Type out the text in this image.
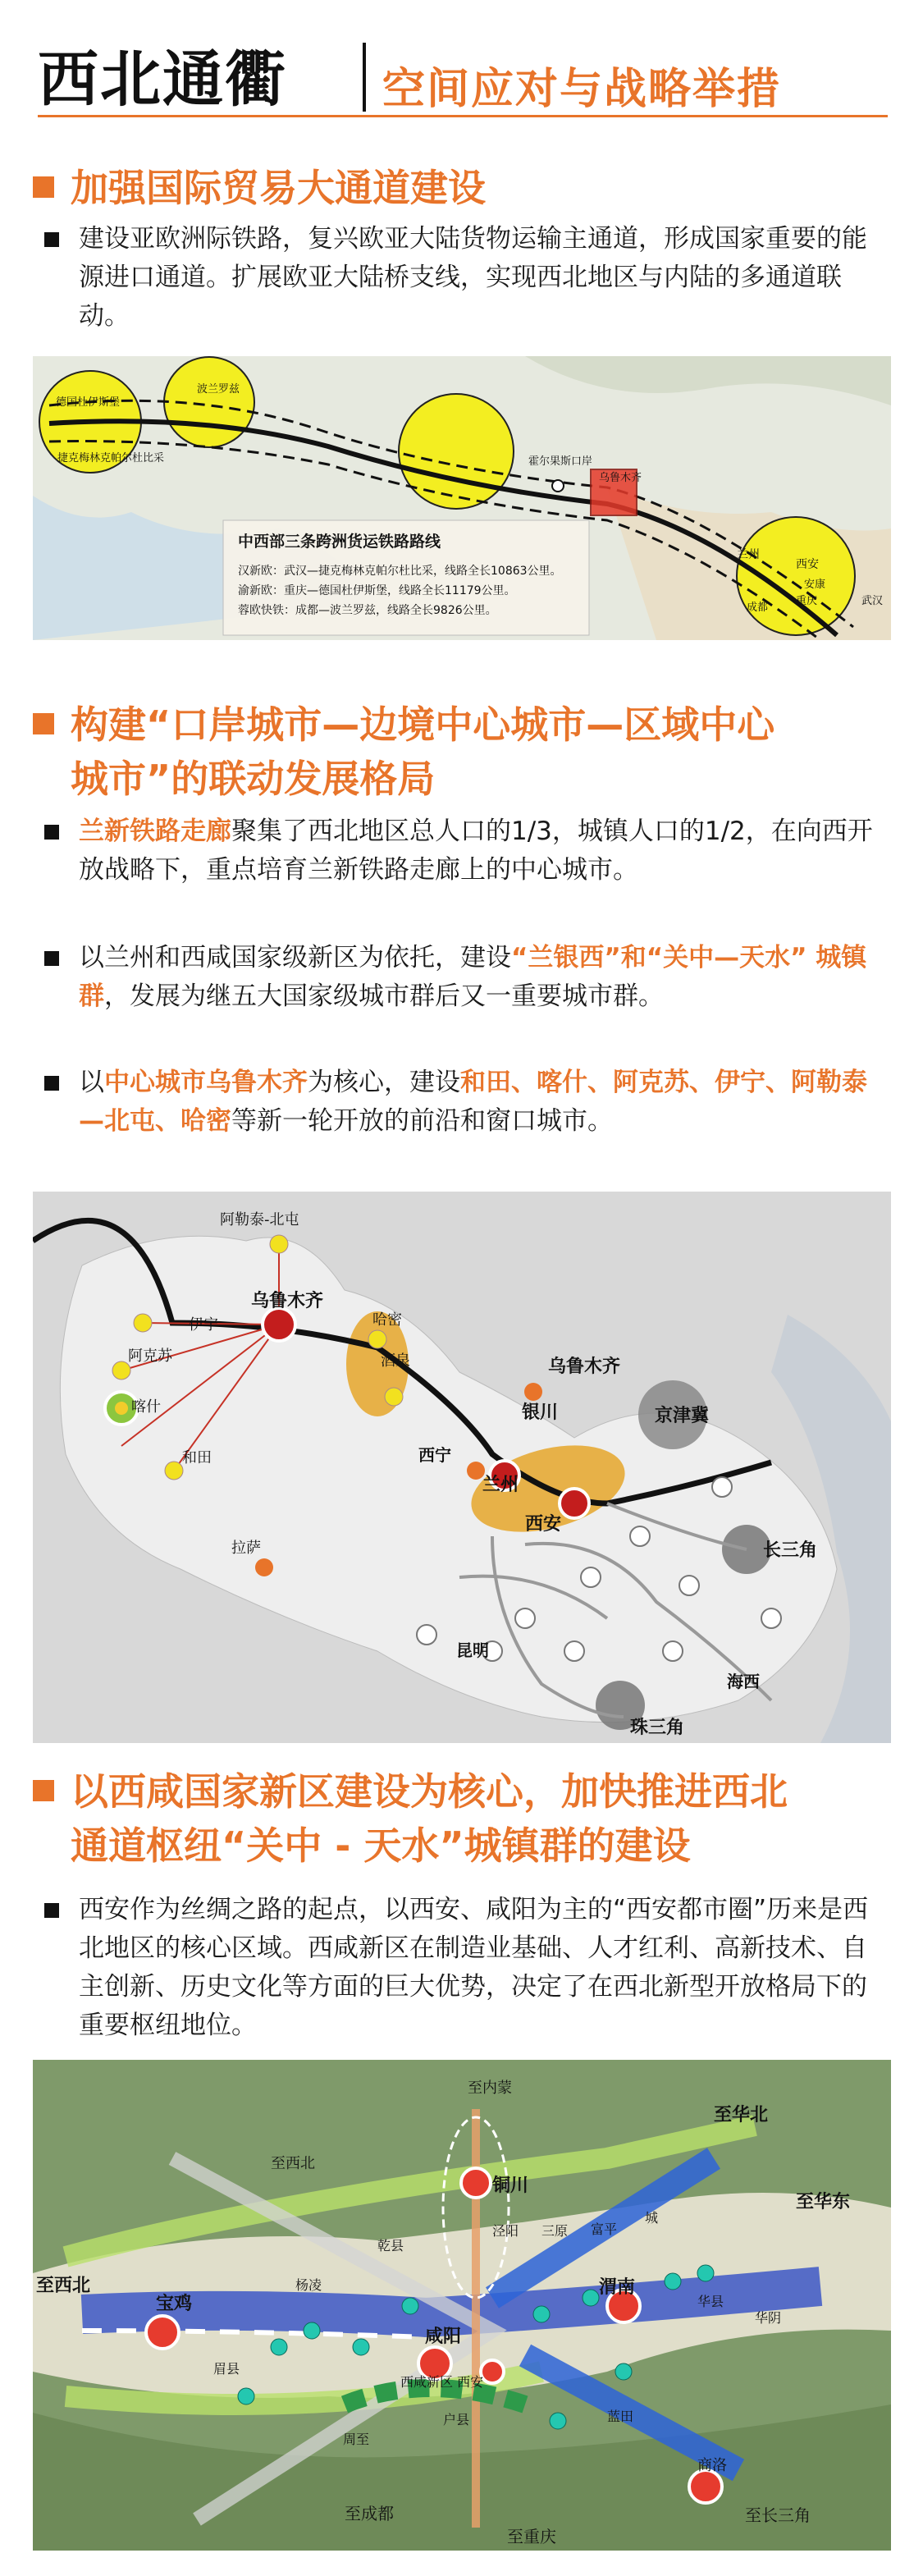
西北通衢 空间应对与战略举措
加强国际贸易大通道建设
建设亚欧洲际铁路，复兴欧亚大陆货物运输主通道，形成国家重要的能源进口通道。扩展欧亚大陆桥支线，实现西北地区与内陆的多通道联动。
德国杜伊斯堡
波兰罗兹
捷克梅林克帕尔杜比采	霍尔果斯口岸
乌鲁木齐
兰州
西安
安康
重庆
成都
武汉
中西部三条跨洲货运铁路路线
汉新欧：武汉—捷克梅林克帕尔杜比采，线路全长10863公里。
渝新欧：重庆—德国杜伊斯堡，线路全长11179公里。
蓉欧快铁：成都—波兰罗兹，线路全长9826公里。
构建“口岸城市—边境中心城市—区域中心
城市”的联动发展格局
兰新铁路走廊聚集了西北地区总人口的1/3，城镇人口的1/2，在向西开放战略下，重点培育兰新铁路走廊上的中心城市。
以兰州和西咸国家级新区为依托，建设“兰银西”和“关中—天水” 城镇群，发展为继五大国家级城市群后又一重要城市群。
以中心城市乌鲁木齐为核心，建设和田、喀什、阿克苏、伊宁、阿勒泰—北屯、哈密等新一轮开放的前沿和窗口城市。
阿勒泰-北屯
乌鲁木齐
伊宁
阿克苏
喀什
和田
哈密
酒泉	乌鲁木齐
银川	京津冀
西宁
兰州
西安
拉萨	长三角
昆明
海西
珠三角
以西咸国家新区建设为核心，加快推进西北
通道枢纽“关中 - 天水”城镇群的建设
西安作为丝绸之路的起点，以西安、咸阳为主的“西安都市圈”历来是西北地区的核心区域。西咸新区在制造业基础、人才红利、高新技术、自主创新、历史文化等方面的巨大优势，决定了在西北新型开放格局下的重要枢纽地位。
至内蒙
至华北
至西北
铜川
至华东
至西北
宝鸡
渭南
咸阳
西咸新区 西安
商洛
至成都
至重庆
至长三角
富平
城
乾县
泾阳 三原
杨凌
户县	蓝田
周至
眉县
华县
华阴
